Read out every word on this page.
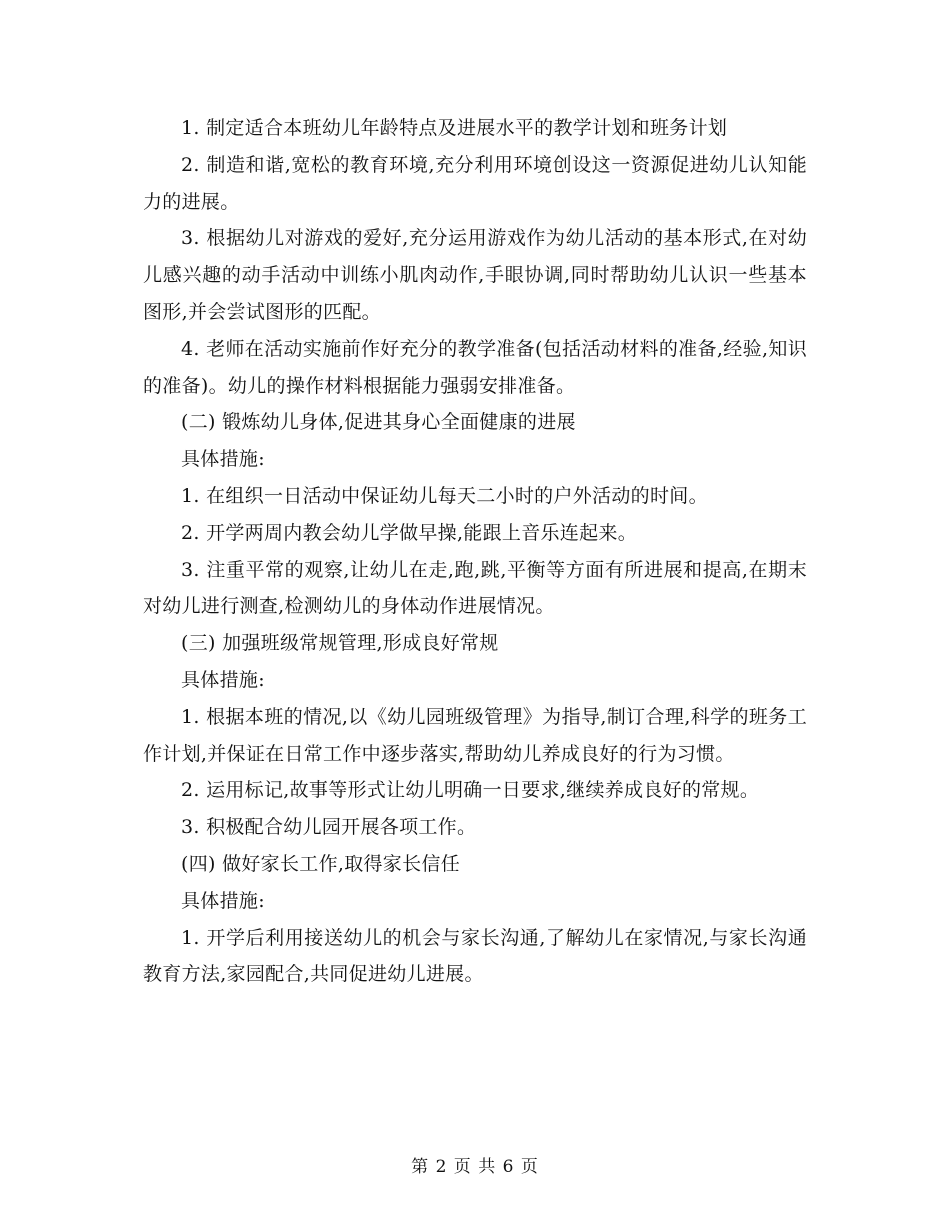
1. 制定适合本班幼儿年龄特点及进展水平的教学计划和班务计划

2. 制造和谐,宽松的教育环境,充分利用环境创设这一资源促进幼儿认知能力的进展。

3. 根据幼儿对游戏的爱好,充分运用游戏作为幼儿活动的基本形式,在对幼儿感兴趣的动手活动中训练小肌肉动作,手眼协调,同时帮助幼儿认识一些基本图形,并会尝试图形的匹配。

4. 老师在活动实施前作好充分的教学准备(包括活动材料的准备,经验,知识的准备)。幼儿的操作材料根据能力强弱安排准备。

(二) 锻炼幼儿身体,促进其身心全面健康的进展

具体措施:

1. 在组织一日活动中保证幼儿每天二小时的户外活动的时间。

2. 开学两周内教会幼儿学做早操,能跟上音乐连起来。

3. 注重平常的观察,让幼儿在走,跑,跳,平衡等方面有所进展和提高,在期末对幼儿进行测查,检测幼儿的身体动作进展情况。

(三) 加强班级常规管理,形成良好常规

具体措施:

1. 根据本班的情况,以《幼儿园班级管理》为指导,制订合理,科学的班务工作计划,并保证在日常工作中逐步落实,帮助幼儿养成良好的行为习惯。

2. 运用标记,故事等形式让幼儿明确一日要求,继续养成良好的常规。

3. 积极配合幼儿园开展各项工作。

(四) 做好家长工作,取得家长信任

具体措施:

1. 开学后利用接送幼儿的机会与家长沟通,了解幼儿在家情况,与家长沟通教育方法,家园配合,共同促进幼儿进展。

第 2 页 共 6 页
